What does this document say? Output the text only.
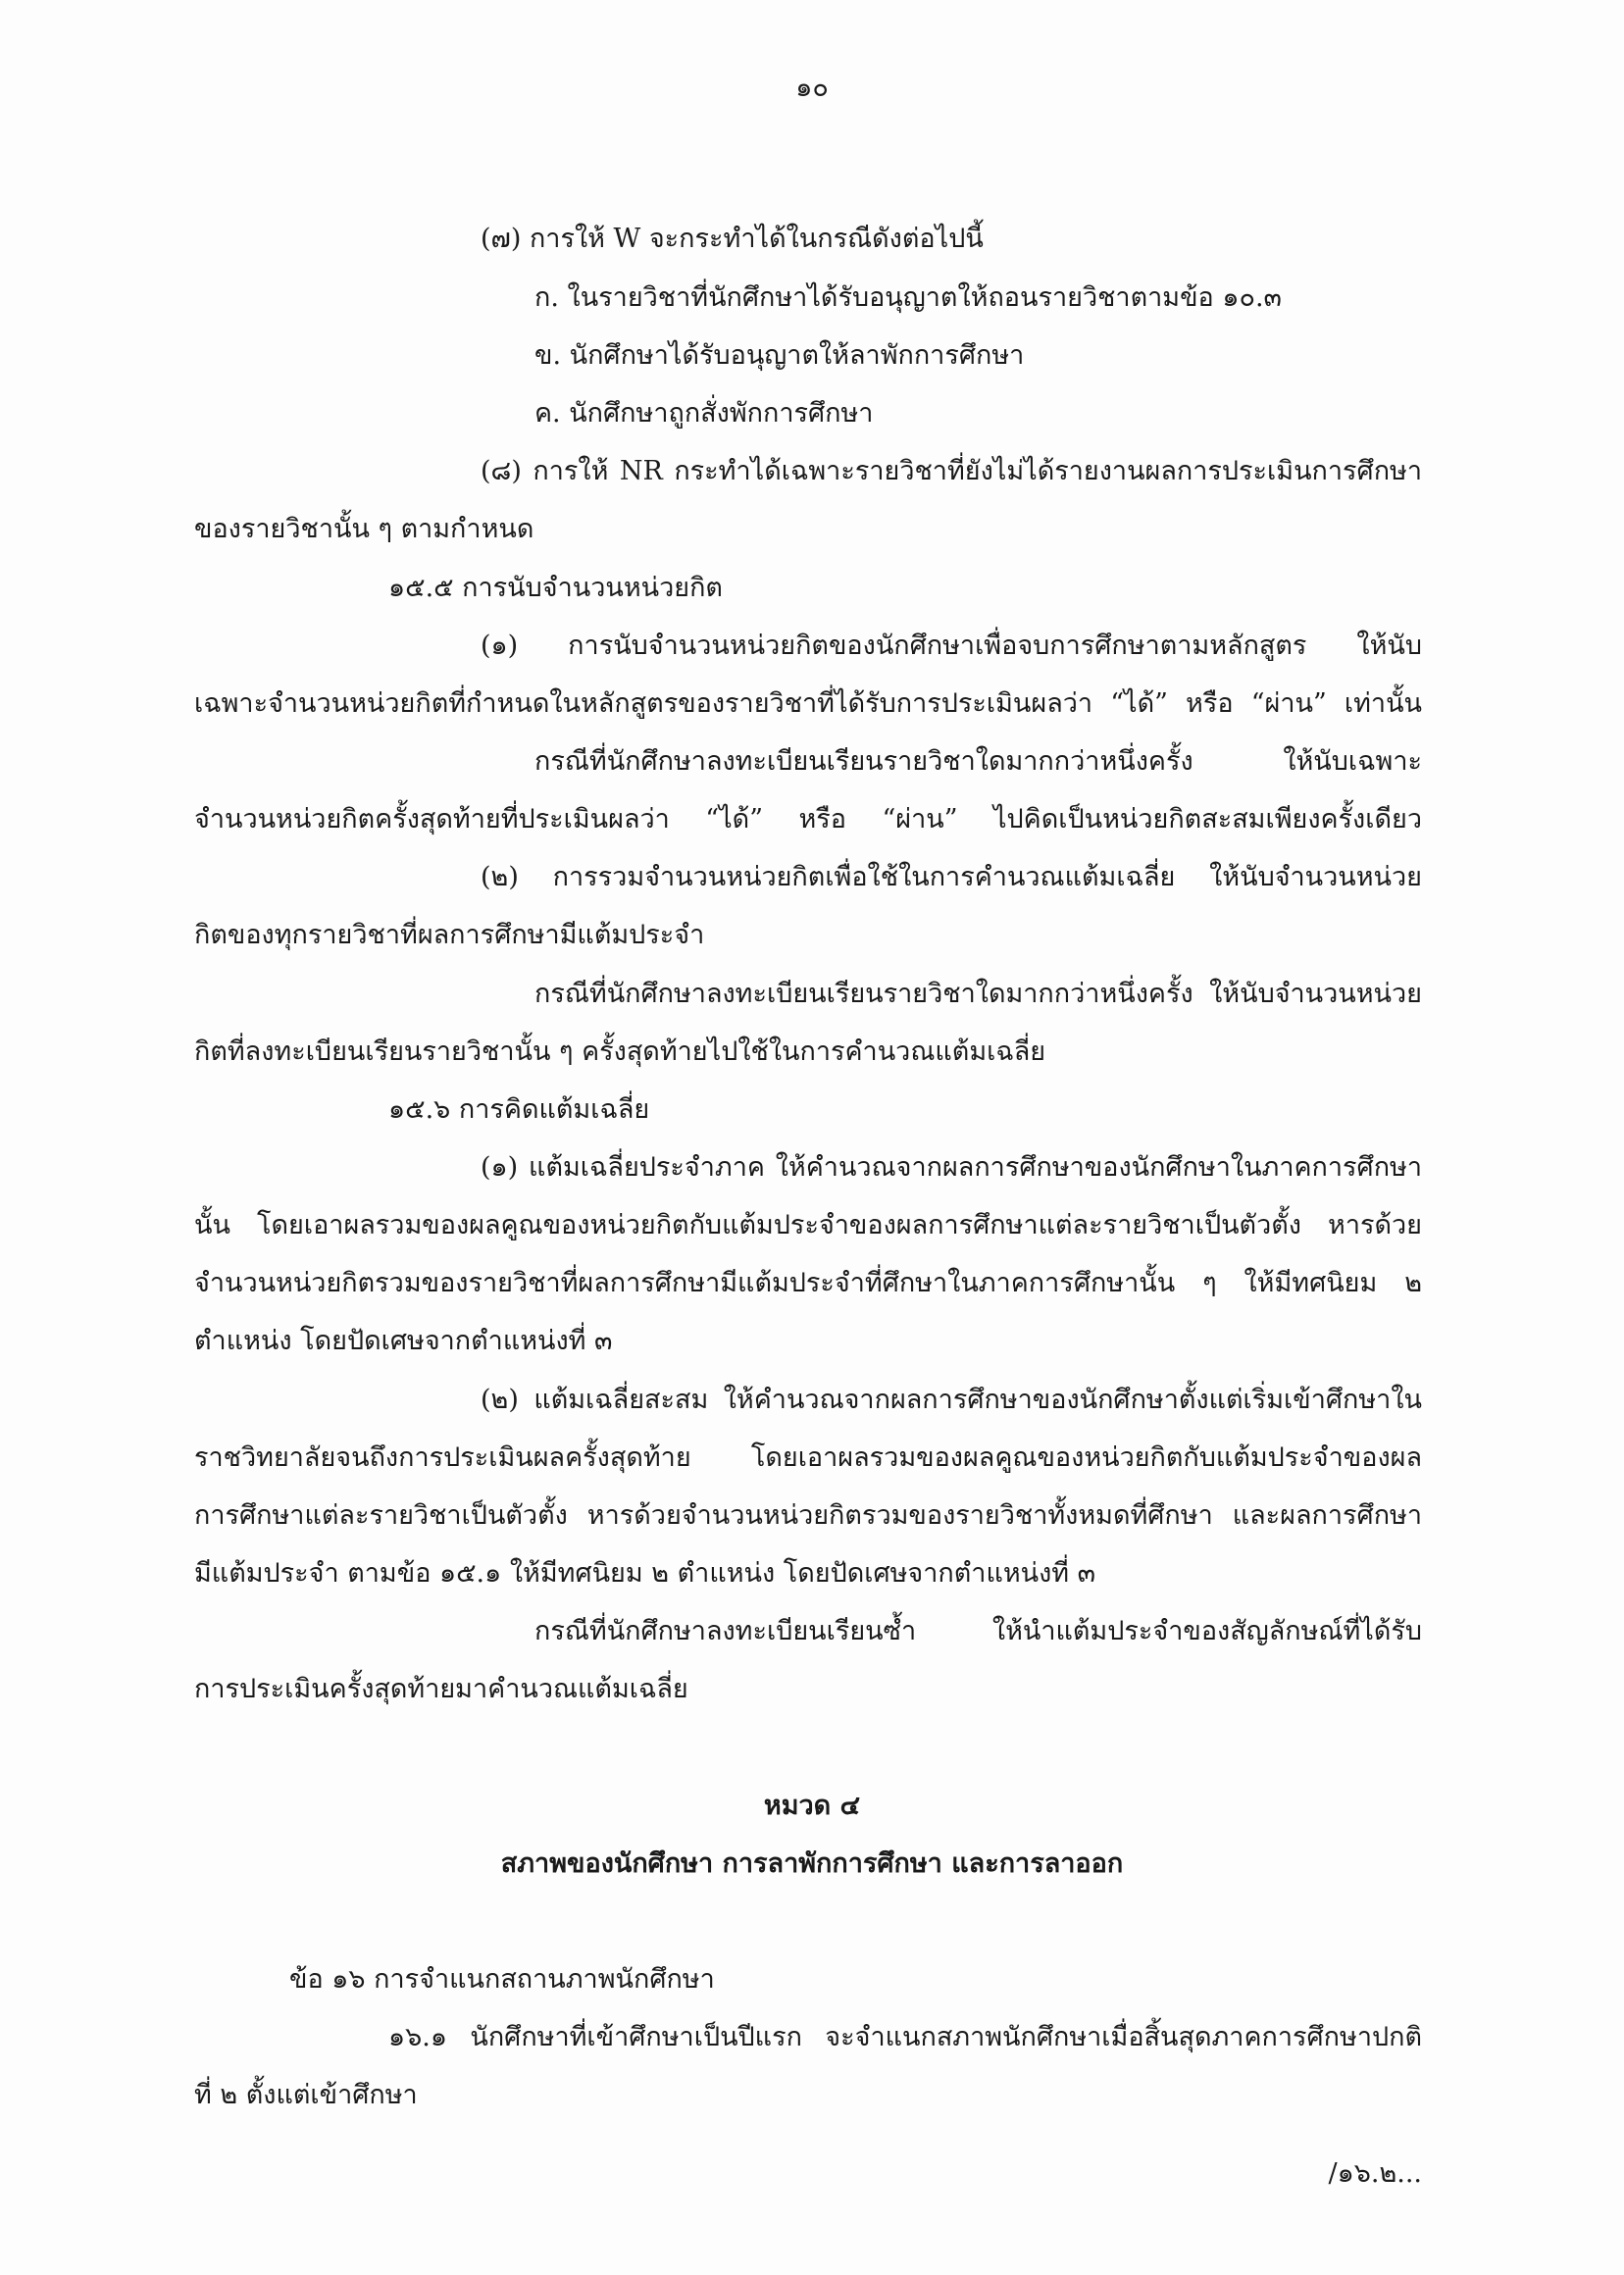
๑๐
(๗) การให้ W จะกระทำได้ในกรณีดังต่อไปนี้
ก. ในรายวิชาที่นักศึกษาได้รับอนุญาตให้ถอนรายวิชาตามข้อ ๑๐.๓
ข. นักศึกษาได้รับอนุญาตให้ลาพักการศึกษา
ค. นักศึกษาถูกสั่งพักการศึกษา
(๘) การให้ NR กระทำได้เฉพาะรายวิชาที่ยังไม่ได้รายงานผลการประเมินการศึกษา
ของรายวิชานั้น ๆ ตามกำหนด
๑๕.๕ การนับจำนวนหน่วยกิต
(๑) การนับจำนวนหน่วยกิตของนักศึกษาเพื่อจบการศึกษาตามหลักสูตร ให้นับ
เฉพาะจำนวนหน่วยกิตที่กำหนดในหลักสูตรของรายวิชาที่ได้รับการประเมินผลว่า “ได้” หรือ “ผ่าน” เท่านั้น
กรณีที่นักศึกษาลงทะเบียนเรียนรายวิชาใดมากกว่าหนึ่งครั้ง ให้นับเฉพาะ
จำนวนหน่วยกิตครั้งสุดท้ายที่ประเมินผลว่า “ได้” หรือ “ผ่าน” ไปคิดเป็นหน่วยกิตสะสมเพียงครั้งเดียว
(๒) การรวมจำนวนหน่วยกิตเพื่อใช้ในการคำนวณแต้มเฉลี่ย ให้นับจำนวนหน่วย
กิตของทุกรายวิชาที่ผลการศึกษามีแต้มประจำ
กรณีที่นักศึกษาลงทะเบียนเรียนรายวิชาใดมากกว่าหนึ่งครั้ง ให้นับจำนวนหน่วย
กิตที่ลงทะเบียนเรียนรายวิชานั้น ๆ ครั้งสุดท้ายไปใช้ในการคำนวณแต้มเฉลี่ย
๑๕.๖ การคิดแต้มเฉลี่ย
(๑) แต้มเฉลี่ยประจำภาค ให้คำนวณจากผลการศึกษาของนักศึกษาในภาคการศึกษา
นั้น โดยเอาผลรวมของผลคูณของหน่วยกิตกับแต้มประจำของผลการศึกษาแต่ละรายวิชาเป็นตัวตั้ง หารด้วย
จำนวนหน่วยกิตรวมของรายวิชาที่ผลการศึกษามีแต้มประจำที่ศึกษาในภาคการศึกษานั้น ๆ ให้มีทศนิยม ๒
ตำแหน่ง โดยปัดเศษจากตำแหน่งที่ ๓
(๒) แต้มเฉลี่ยสะสม ให้คำนวณจากผลการศึกษาของนักศึกษาตั้งแต่เริ่มเข้าศึกษาใน
ราชวิทยาลัยจนถึงการประเมินผลครั้งสุดท้าย โดยเอาผลรวมของผลคูณของหน่วยกิตกับแต้มประจำของผล
การศึกษาแต่ละรายวิชาเป็นตัวตั้ง หารด้วยจำนวนหน่วยกิตรวมของรายวิชาทั้งหมดที่ศึกษา และผลการศึกษา
มีแต้มประจำ ตามข้อ ๑๕.๑ ให้มีทศนิยม ๒ ตำแหน่ง โดยปัดเศษจากตำแหน่งที่ ๓
กรณีที่นักศึกษาลงทะเบียนเรียนซ้ำ ให้นำแต้มประจำของสัญลักษณ์ที่ได้รับ
การประเมินครั้งสุดท้ายมาคำนวณแต้มเฉลี่ย
หมวด ๔
สภาพของนักศึกษา การลาพักการศึกษา และการลาออก
ข้อ ๑๖ การจำแนกสถานภาพนักศึกษา
๑๖.๑ นักศึกษาที่เข้าศึกษาเป็นปีแรก จะจำแนกสภาพนักศึกษาเมื่อสิ้นสุดภาคการศึกษาปกติ
ที่ ๒ ตั้งแต่เข้าศึกษา
/๑๖.๒...
